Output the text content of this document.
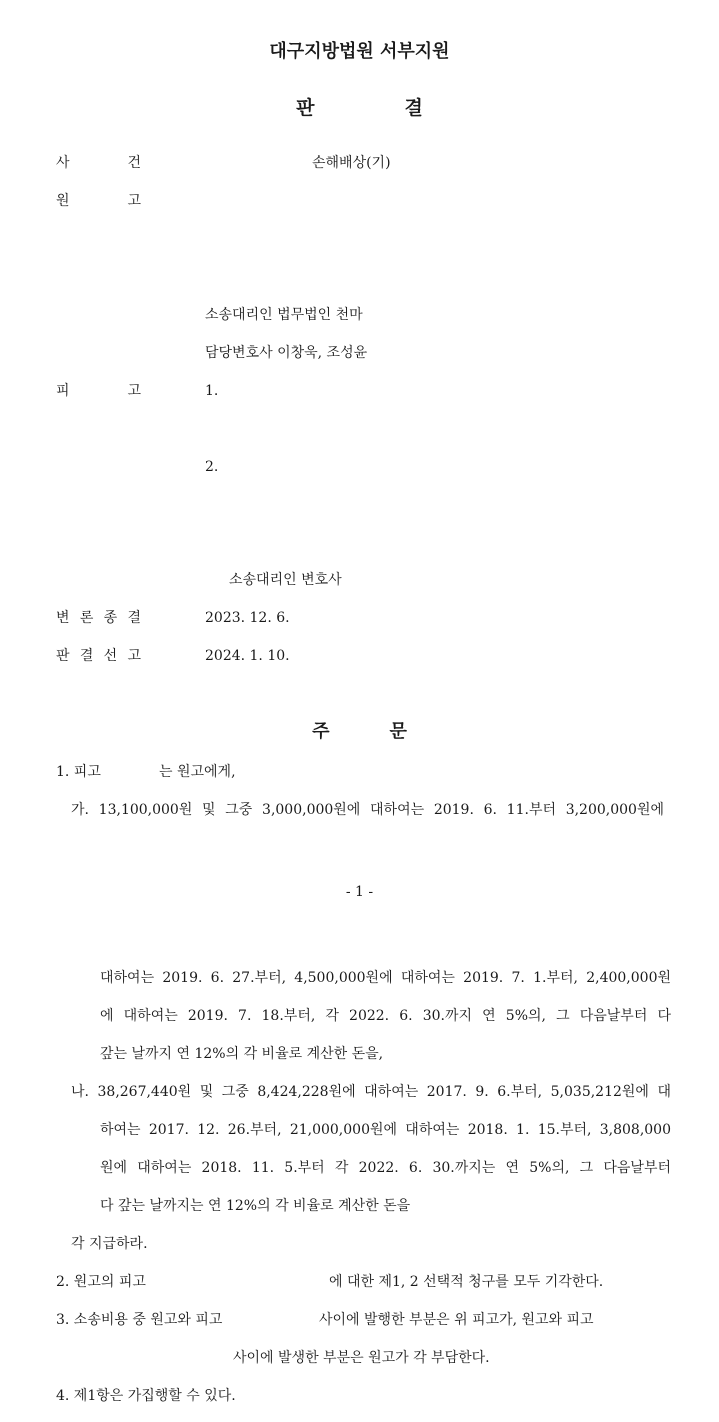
대구지방법원 서부지원
판결
사	건	손해배상(기)
원	고
소송대리인 법무법인 천마
담당변호사 이창욱, 조성윤
피	고	1.
2.
소송대리인 변호사
변 론 종 결	2023. 12. 6.
판 결 선 고	2024. 1. 10.
주문
1. 피고	는 원고에게,
가. 13,100,000원 및 그중 3,000,000원에 대하여는 2019. 6. 11.부터 3,200,000원에
- 1 -
대하여는 2019. 6. 27.부터, 4,500,000원에 대하여는 2019. 7. 1.부터, 2,400,000원
에 대하여는 2019. 7. 18.부터, 각 2022. 6. 30.까지 연 5%의, 그 다음날부터 다
갚는 날까지 연 12%의 각 비율로 계산한 돈을,
나. 38,267,440원 및 그중 8,424,228원에 대하여는 2017. 9. 6.부터, 5,035,212원에 대
하여는 2017. 12. 26.부터, 21,000,000원에 대하여는 2018. 1. 15.부터, 3,808,000
원에 대하여는 2018. 11. 5.부터 각 2022. 6. 30.까지는 연 5%의, 그 다음날부터
다 갚는 날까지는 연 12%의 각 비율로 계산한 돈을
각 지급하라.
2. 원고의 피고	에 대한 제1, 2 선택적 청구를 모두 기각한다.
3. 소송비용 중 원고와 피고	사이에 발행한 부분은 위 피고가, 원고와 피고
사이에 발생한 부분은 원고가 각 부담한다.
4. 제1항은 가집행할 수 있다.
